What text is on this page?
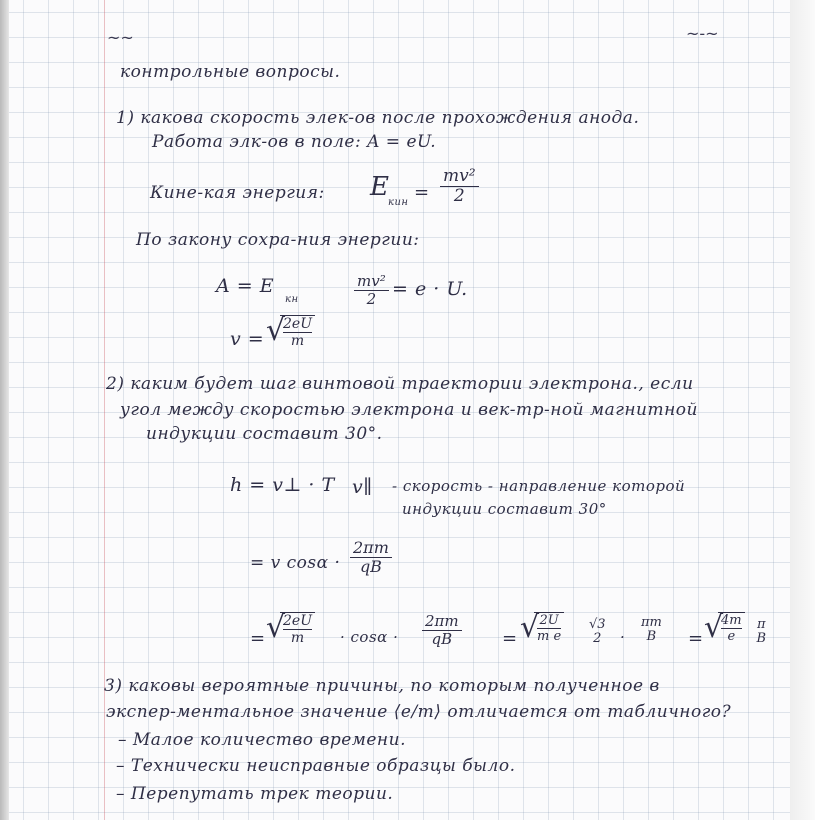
~~	~-~
контрольные вопросы.
1) какова скорость элек-ов после прохождения анода.
Работа элк-ов в поле: A = eU.
Кине-кая энергия: E
кин = $\frac{\text{mv²}}{2}$
По закону сохра-ния энергии:
A = E
кн	$\frac{\text{mv²}}{2} = e \cdot U$.
v = √
$\frac{2eU}{m}$
2) каким будет шаг винтовой траектории электрона., если
угол между скоростью электрона и век-тр-ной магнитной
индукции составит 30°.
h = v⊥ · T v∥ - скорость - направление которой
индукции составит 30°
= v $\cos\alpha \cdot \frac{2\pi m}{qB}$
= √
$\frac{2eU}{m} \cdot \cos\alpha \cdot \frac{2\pi m}{qB}$ = √
$\frac{2U}{\text{m e}} √3$
2	·
πm
B	= √
$\frac{4m}{e}$ π
B
3) каковы вероятные причины, по которым полученное в
экспер-ментальное значение ⟨e/m⟩ отличается от табличного?
– Малое количество времени.
– Технически неисправные образцы было.
– Перепутать трек теории.
